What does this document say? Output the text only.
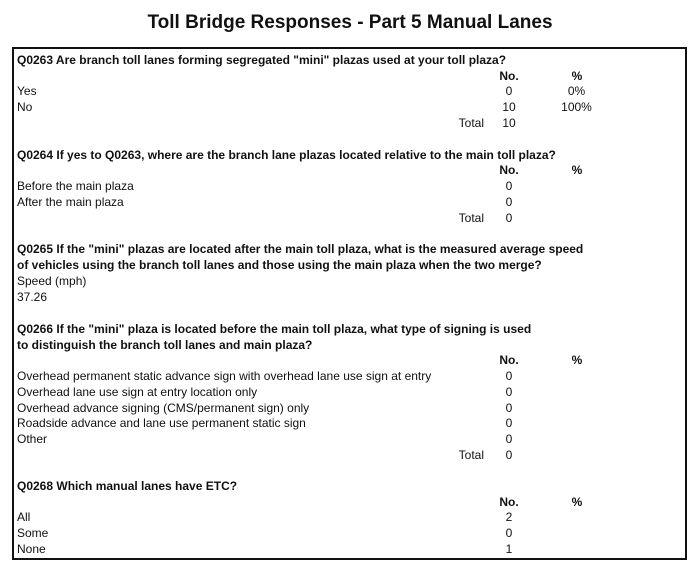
Toll Bridge Responses - Part 5 Manual Lanes
Q0263 Are branch toll lanes forming segregated "mini" plazas used at your toll plaza?
No.	%
Yes	0	0%
No	10	100%
Total	10
Q0264 If yes to Q0263, where are the branch lane plazas located relative to the main toll plaza?
No.	%
Before the main plaza	0
After the main plaza	0
Total	0
Q0265 If the "mini" plazas are located after the main toll plaza, what is the measured average speed
of vehicles using the branch toll lanes and those using the main plaza when the two merge?
Speed (mph)
37.26
Q0266 If the "mini" plaza is located before the main toll plaza, what type of signing is used
to distinguish the branch toll lanes and main plaza?
No.	%
Overhead permanent static advance sign with overhead lane use sign at entry	0
Overhead lane use sign at entry location only	0
Overhead advance signing (CMS/permanent sign) only	0
Roadside advance and lane use permanent static sign	0
Other	0
Total	0
Q0268 Which manual lanes have ETC?
No.	%
All	2
Some	0
None	1
